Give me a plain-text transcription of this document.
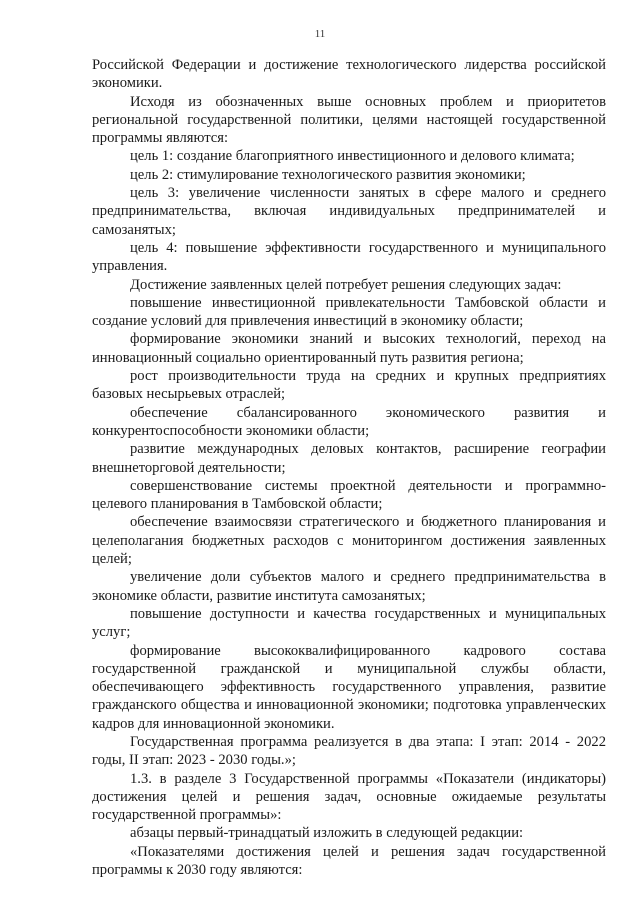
11

Российской Федерации и достижение технологического лидерства российской экономики.

Исходя из обозначенных выше основных проблем и приоритетов региональной государственной политики, целями настоящей государственной программы являются:

цель 1: создание благоприятного инвестиционного и делового климата;

цель 2: стимулирование технологического развития экономики;

цель 3: увеличение численности занятых в сфере малого и среднего предпринимательства, включая индивидуальных предпринимателей и самозанятых;

цель 4: повышение эффективности государственного и муниципального управления.

Достижение заявленных целей потребует решения следующих задач:

повышение инвестиционной привлекательности Тамбовской области и создание условий для привлечения инвестиций в экономику области;

формирование экономики знаний и высоких технологий, переход на инновационный социально ориентированный путь развития региона;

рост производительности труда на средних и крупных предприятиях базовых несырьевых отраслей;

обеспечение сбалансированного экономического развития и конкурентоспособности экономики области;

развитие международных деловых контактов, расширение географии внешнеторговой деятельности;

совершенствование системы проектной деятельности и программно-целевого планирования в Тамбовской области;

обеспечение взаимосвязи стратегического и бюджетного планирования и целеполагания бюджетных расходов с мониторингом достижения заявленных целей;

увеличение доли субъектов малого и среднего предпринимательства в экономике области, развитие института самозанятых;

повышение доступности и качества государственных и муниципальных услуг;

формирование высококвалифицированного кадрового состава государственной гражданской и муниципальной службы области, обеспечивающего эффективность государственного управления, развитие гражданского общества и инновационной экономики; подготовка управленческих кадров для инновационной экономики.

Государственная программа реализуется в два этапа: I этап: 2014 - 2022 годы, II этап: 2023 - 2030 годы.»;

1.3. в разделе 3 Государственной программы «Показатели (индикаторы) достижения целей и решения задач, основные ожидаемые результаты государственной программы»:

абзацы первый-тринадцатый изложить в следующей редакции:

«Показателями достижения целей и решения задач государственной программы к 2030 году являются:
